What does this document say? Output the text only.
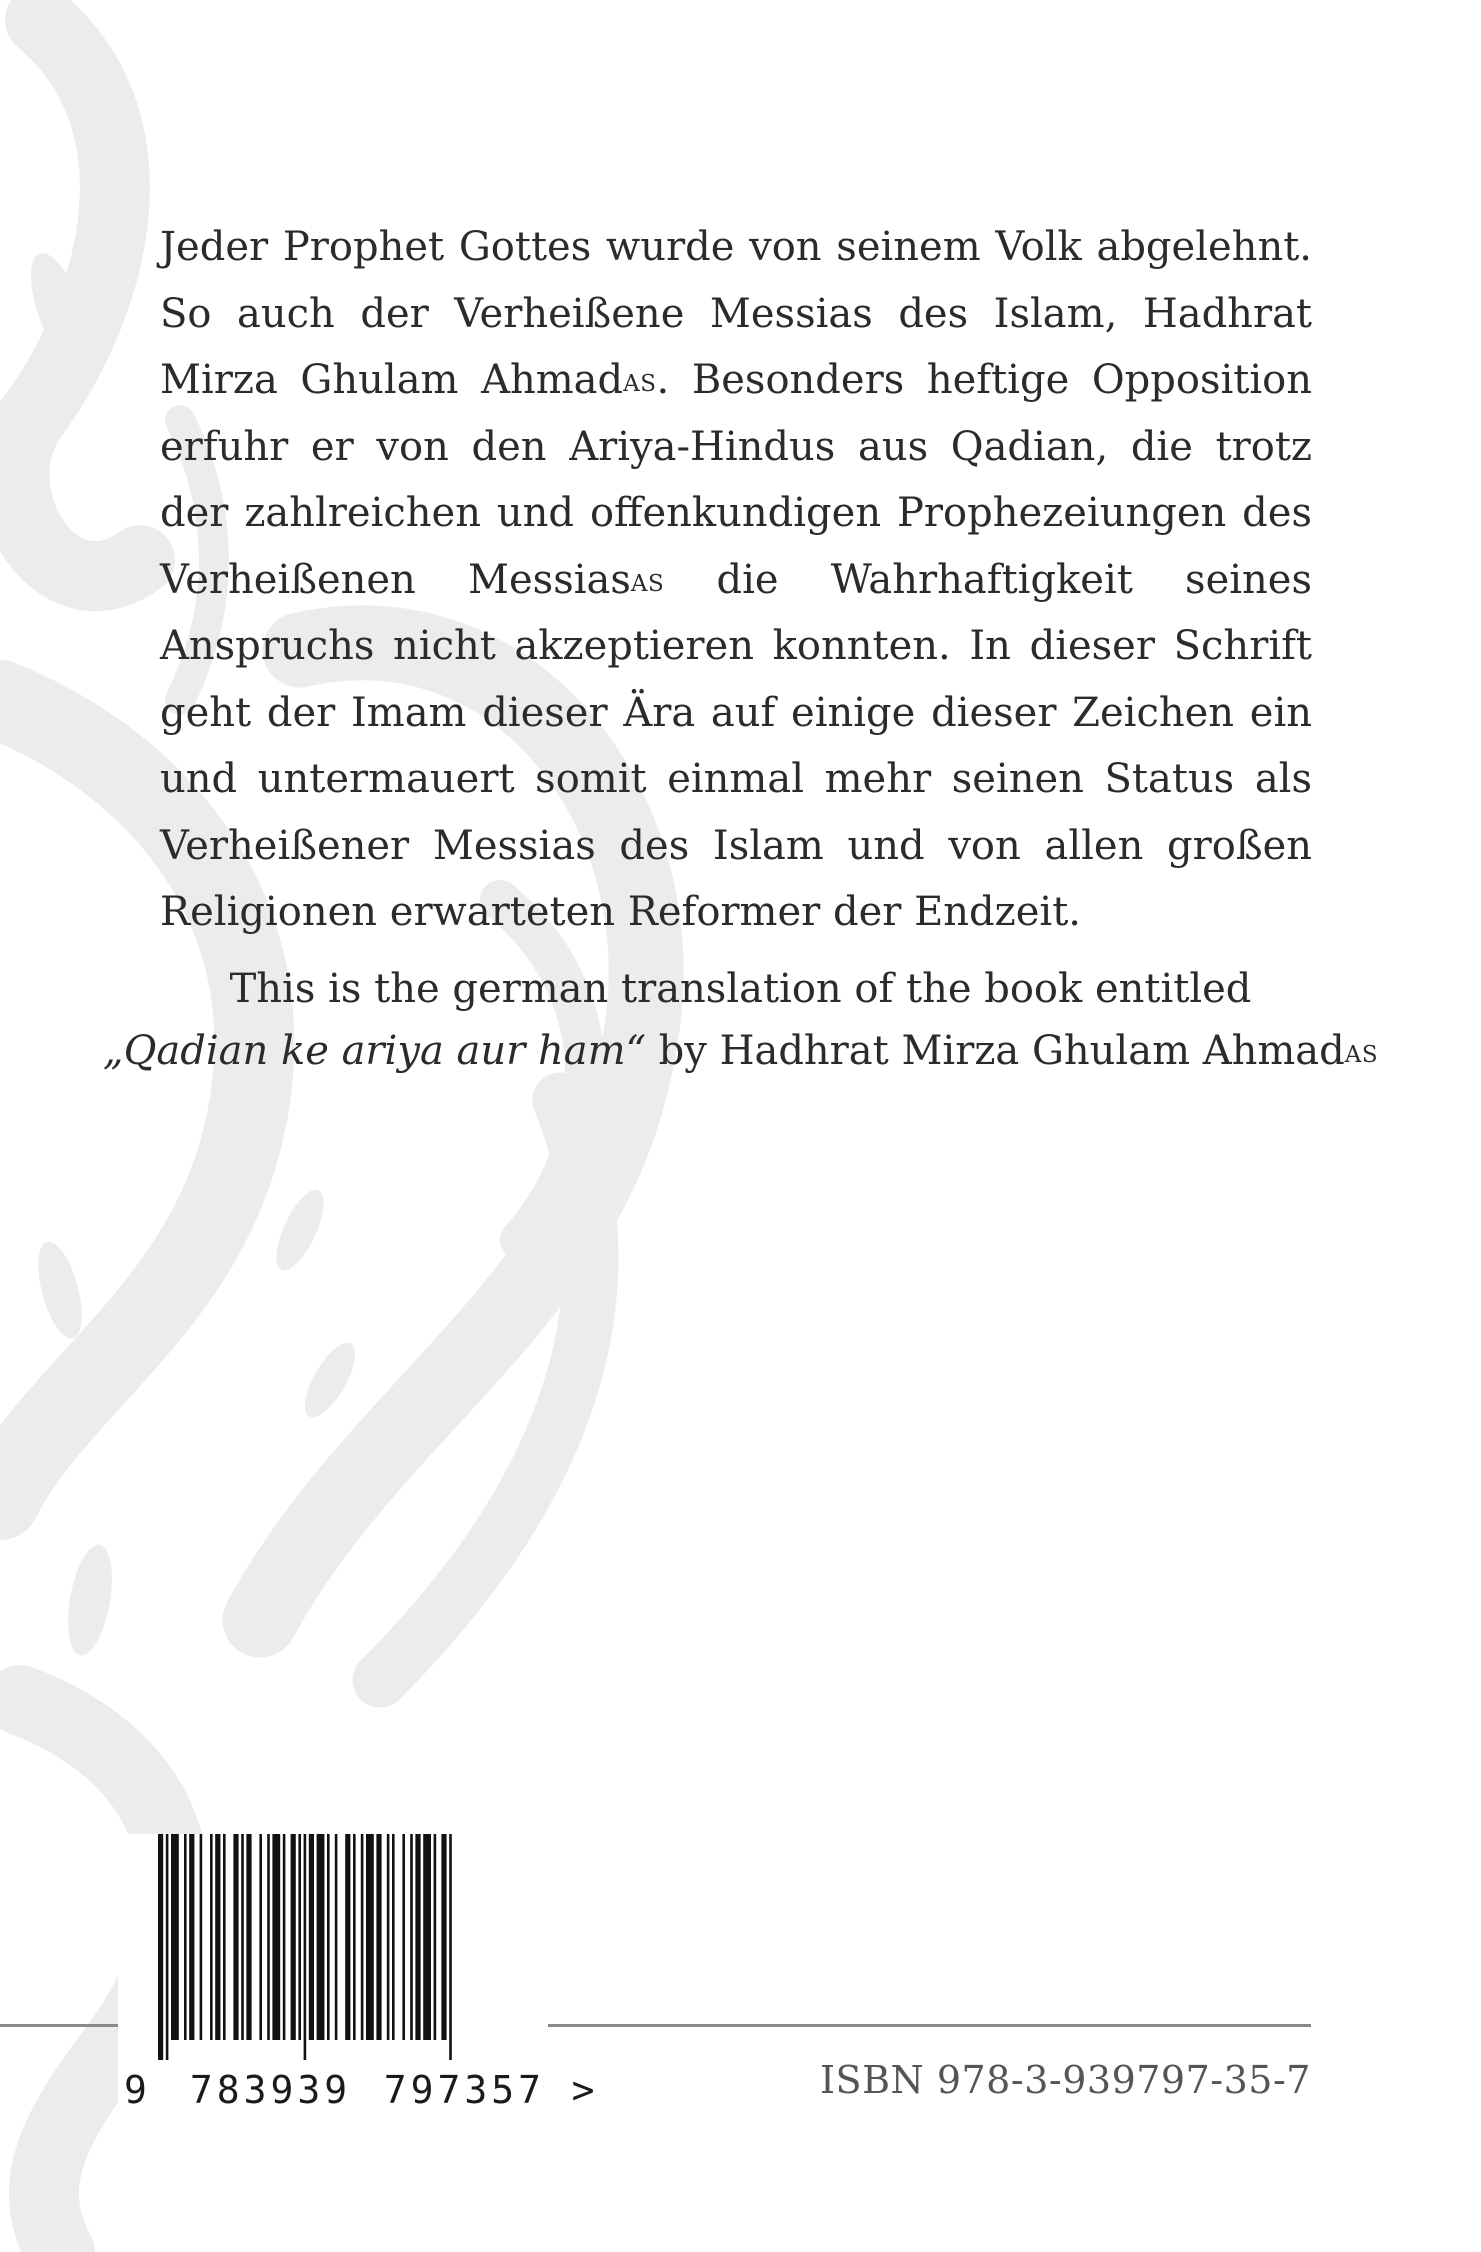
Jeder Prophet Gottes wurde von seinem Volk abgelehnt. So auch der Verheißene Messias des Islam, Hadhrat Mirza Ghulam Ahmad$^{AS}$. Besonders heftige Opposition erfuhr er von den Ariya-Hindus aus Qadian, die trotz der zahlreichen und offenkundigen Prophezeiungen des Verheißenen Messias$^{AS}$ die Wahrhaftigkeit seines Anspruchs nicht akzeptieren konnten. In dieser Schrift geht der Imam dieser Ära auf einige dieser Zeichen ein und untermauert somit einmal mehr seinen Status als Verheißener Messias des Islam und von allen großen Religionen erwarteten Reformer der Endzeit.

This is the german translation of the book entitled
„Qadian ke ariya aur ham“ by Hadhrat Mirza Ghulam Ahmad$^{AS}$
9 783939 797357 >	ISBN 978-3-939797-35-7
